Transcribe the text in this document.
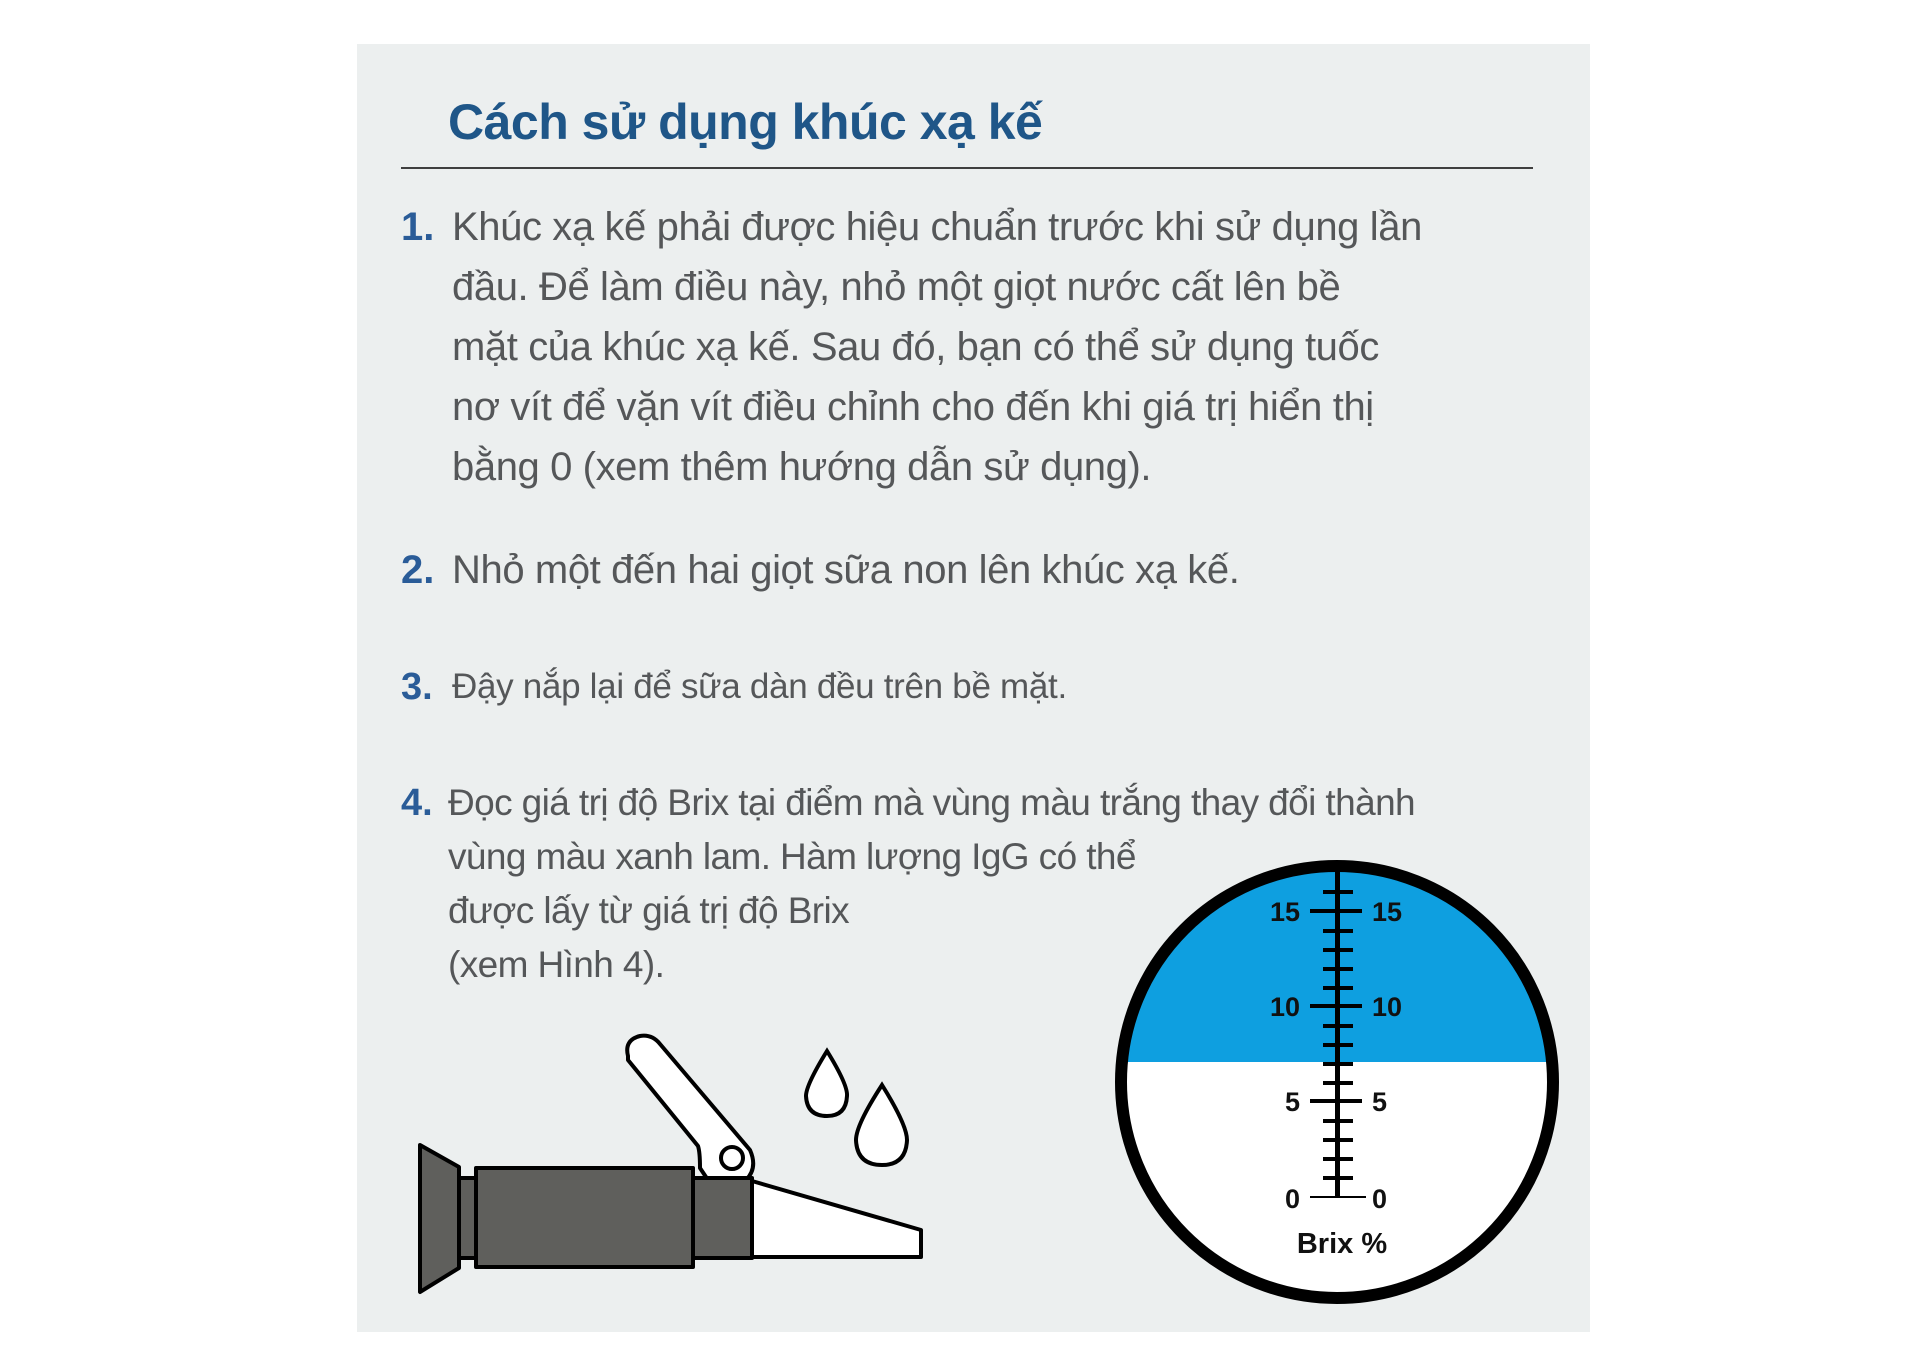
Cách sử dụng khúc xạ kế
1. Khúc xạ kế phải được hiệu chuẩn trước khi sử dụng lần
đầu. Để làm điều này, nhỏ một giọt nước cất lên bề
mặt của khúc xạ kế. Sau đó, bạn có thể sử dụng tuốc
nơ vít để vặn vít điều chỉnh cho đến khi giá trị hiển thị
bằng 0 (xem thêm hướng dẫn sử dụng).
2. Nhỏ một đến hai giọt sữa non lên khúc xạ kế.
3. Đậy nắp lại để sữa dàn đều trên bề mặt.
4. Đọc giá trị độ Brix tại điểm mà vùng màu trắng thay đổi thành
vùng màu xanh lam. Hàm lượng IgG có thể
được lấy từ giá trị độ Brix
(xem Hình 4).
15	15
10	10
5	5
0	0
Brix %
